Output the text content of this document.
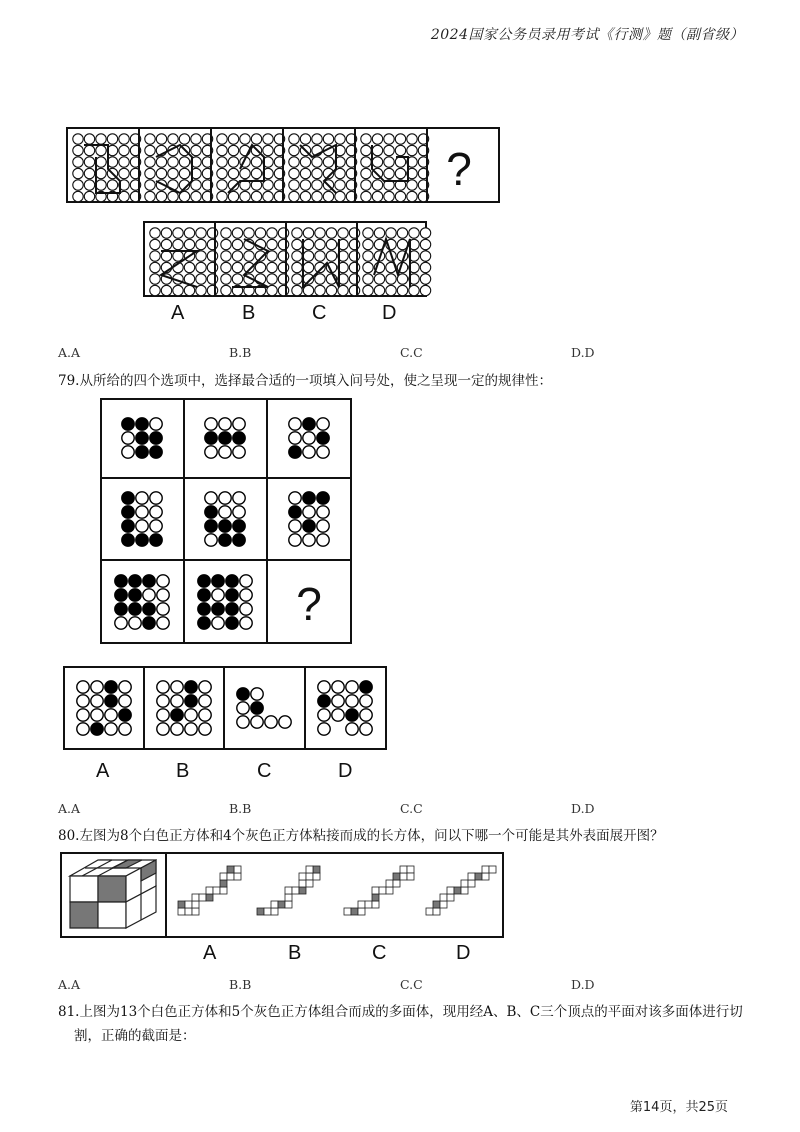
2024国家公务员录用考试《行测》题（副省级）
?
A	B	C	D
A.A	B.B	C.C	D.D
79.从所给的四个选项中，选择最合适的一项填入问号处，使之呈现一定的规律性：
?
A	B	C	D
A.A	B.B	C.C	D.D
80.左图为8个白色正方体和4个灰色正方体粘接而成的长方体，问以下哪一个可能是其外表面展开图？
A	B	C	D
A.A	B.B	C.C	D.D
81.上图为13个白色正方体和5个灰色正方体组合而成的多面体，现用经A、B、C三个顶点的平面对该多面体进行切
割，正确的截面是：
第14页，共25页
